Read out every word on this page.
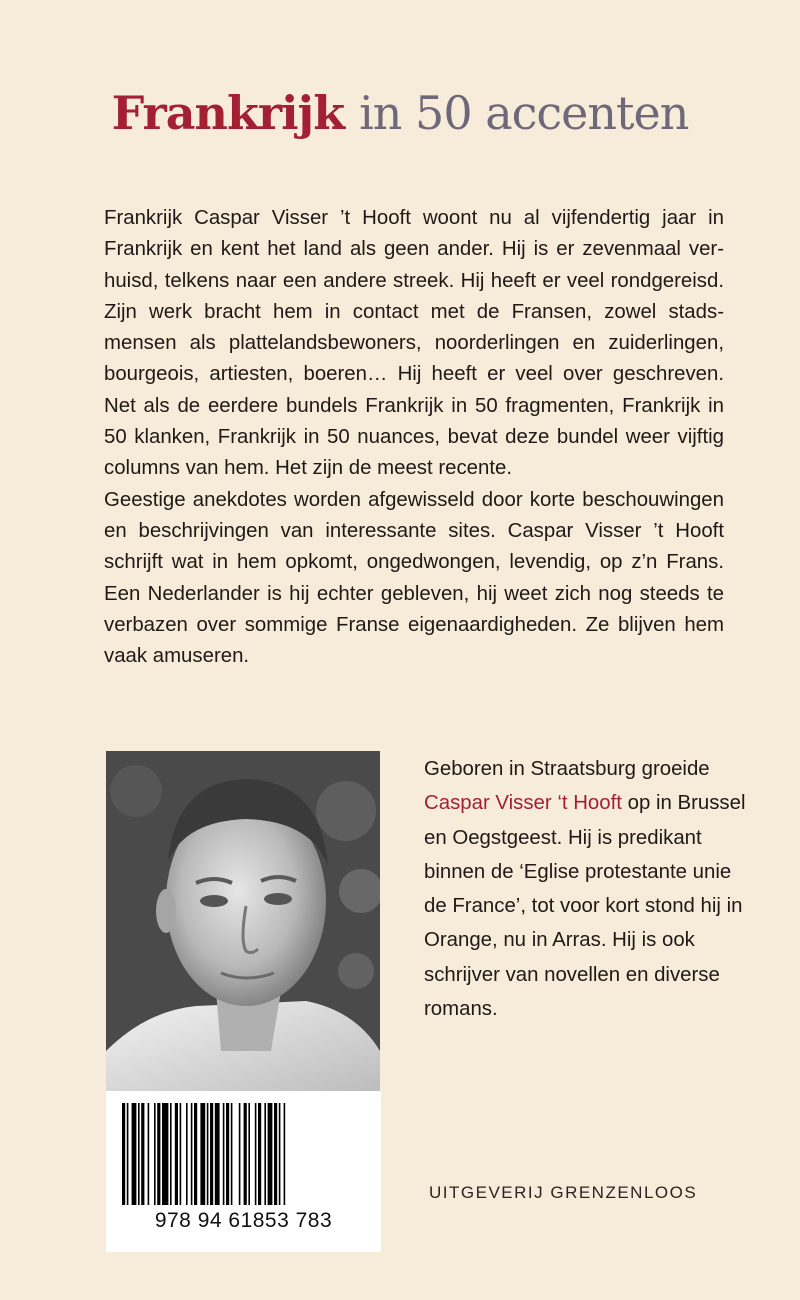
Frankrijk in 50 accenten

Frankrijk Caspar Visser ’t Hooft woont nu al vijfendertig jaar in Frankrijk en kent het land als geen ander. Hij is er zevenmaal verhuisd, telkens naar een andere streek. Hij heeft er veel rondgereisd. Zijn werk bracht hem in contact met de Fransen, zowel stadsmensen als plattelandsbewoners, noorderlingen en zuiderlingen, bourgeois, artiesten, boeren… Hij heeft er veel over geschreven. Net als de eerdere bundels Frankrijk in 50 fragmenten, Frankrijk in 50 klanken, Frankrijk in 50 nuances, bevat deze bundel weer vijftig columns van hem. Het zijn de meest recente.

Geestige anekdotes worden afgewisseld door korte beschouwingen en beschrijvingen van interessante sites. Caspar Visser ’t Hooft schrijft wat in hem opkomt, ongedwongen, levendig, op z’n Frans. Een Nederlander is hij echter gebleven, hij weet zich nog steeds te verbazen over sommige Franse eigenaardigheden. Ze blijven hem vaak amuseren.

Geboren in Straatsburg groeide Caspar Visser ‘t Hooft op in Brussel en Oegstgeest. Hij is predikant binnen de ‘Eglise protestante unie de France’, tot voor kort stond hij in Orange, nu in Arras. Hij is ook schrijver van novellen en diverse romans.
978 94 61853 783
UITGEVERIJ GRENZENLOOS
